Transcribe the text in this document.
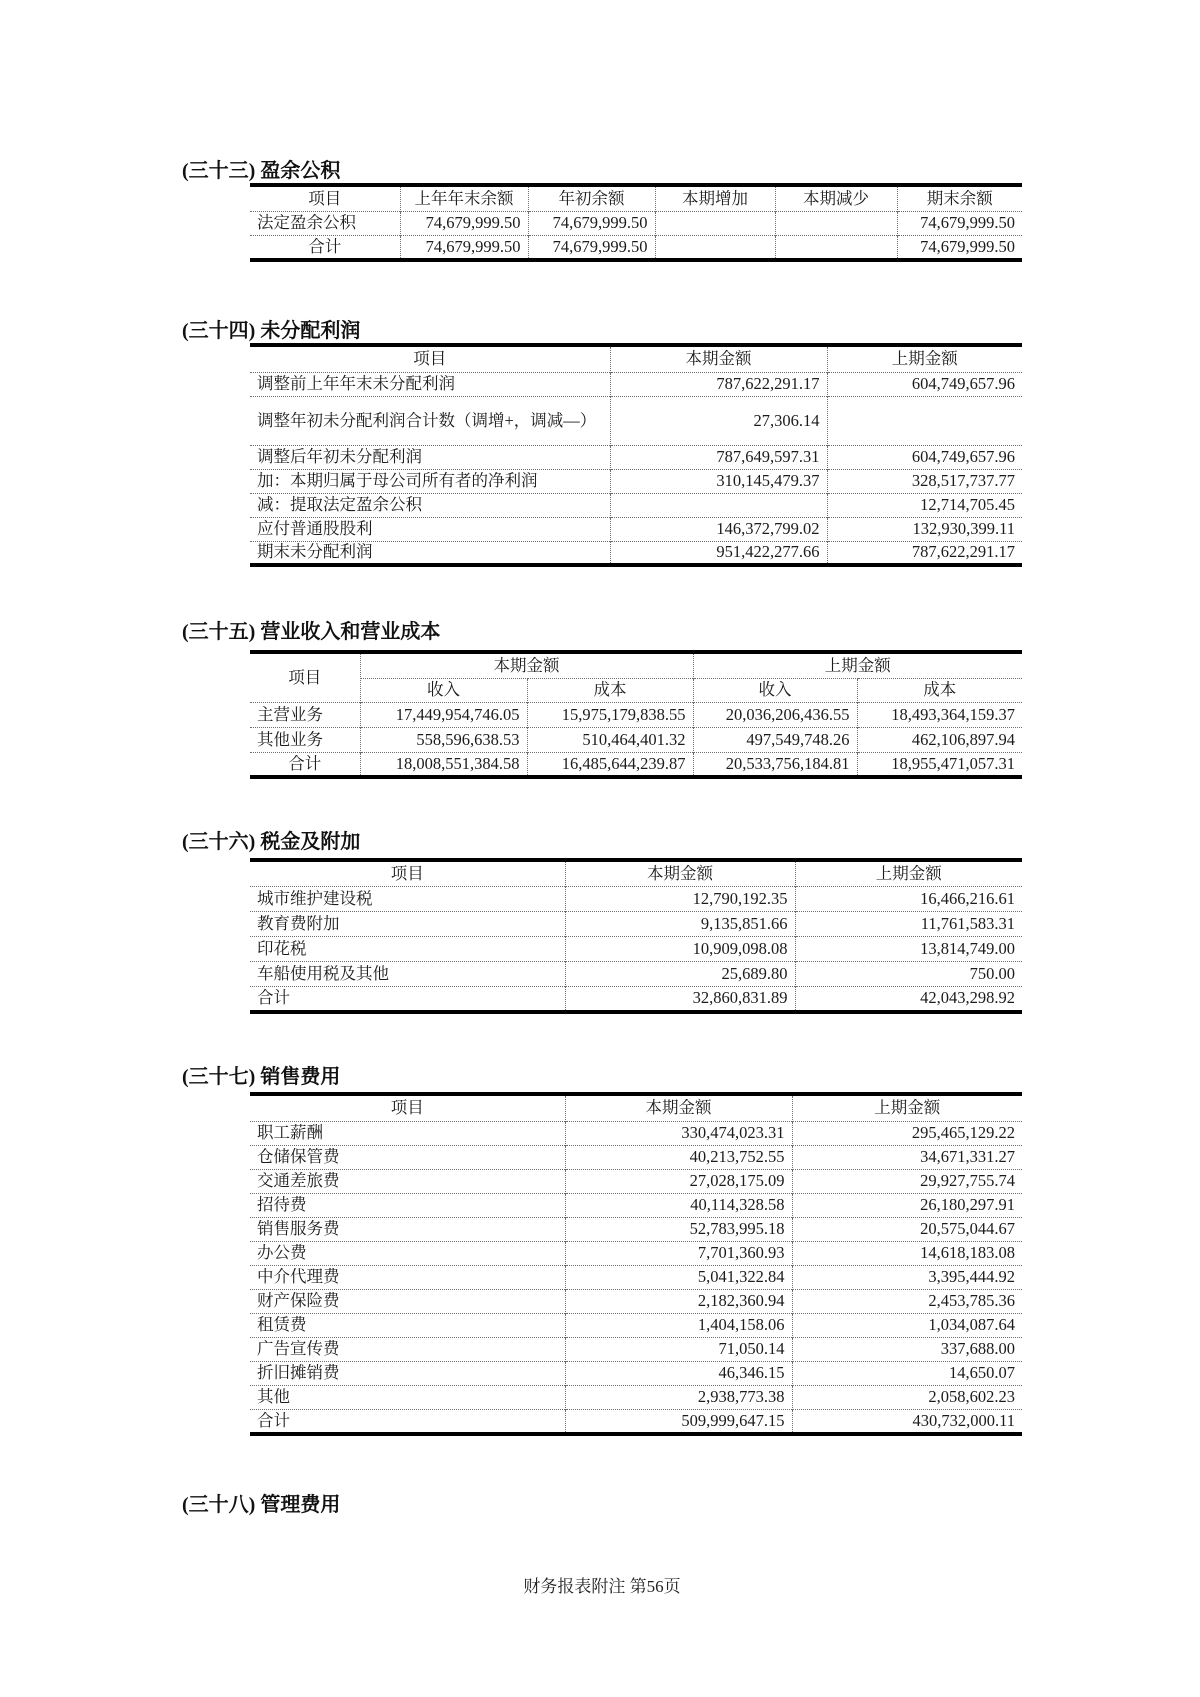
(三十三) 盈余公积
项目	上年年末余额	年初余额	本期增加	本期减少	期末余额
法定盈余公积	74,679,999.50	74,679,999.50			74,679,999.50
合计	74,679,999.50	74,679,999.50			74,679,999.50
(三十四) 未分配利润
项目	本期金额	上期金额
调整前上年年末未分配利润	787,622,291.17	604,749,657.96
调整年初未分配利润合计数（调增+，调减—）	27,306.14	
调整后年初未分配利润	787,649,597.31	604,749,657.96
加：本期归属于母公司所有者的净利润	310,145,479.37	328,517,737.77
减：提取法定盈余公积		12,714,705.45
应付普通股股利	146,372,799.02	132,930,399.11
期末未分配利润	951,422,277.66	787,622,291.17
(三十五) 营业收入和营业成本
项目	本期金额		上期金额	
	收入	成本	收入	成本
主营业务	17,449,954,746.05	15,975,179,838.55	20,036,206,436.55	18,493,364,159.37
其他业务	558,596,638.53	510,464,401.32	497,549,748.26	462,106,897.94
合计	18,008,551,384.58	16,485,644,239.87	20,533,756,184.81	18,955,471,057.31
(三十六) 税金及附加
项目	本期金额	上期金额
城市维护建设税	12,790,192.35	16,466,216.61
教育费附加	9,135,851.66	11,761,583.31
印花税	10,909,098.08	13,814,749.00
车船使用税及其他	25,689.80	750.00
合计	32,860,831.89	42,043,298.92
(三十七) 销售费用
项目	本期金额	上期金额
职工薪酬	330,474,023.31	295,465,129.22
仓储保管费	40,213,752.55	34,671,331.27
交通差旅费	27,028,175.09	29,927,755.74
招待费	40,114,328.58	26,180,297.91
销售服务费	52,783,995.18	20,575,044.67
办公费	7,701,360.93	14,618,183.08
中介代理费	5,041,322.84	3,395,444.92
财产保险费	2,182,360.94	2,453,785.36
租赁费	1,404,158.06	1,034,087.64
广告宣传费	71,050.14	337,688.00
折旧摊销费	46,346.15	14,650.07
其他	2,938,773.38	2,058,602.23
合计	509,999,647.15	430,732,000.11
(三十八) 管理费用
财务报表附注 第56页
